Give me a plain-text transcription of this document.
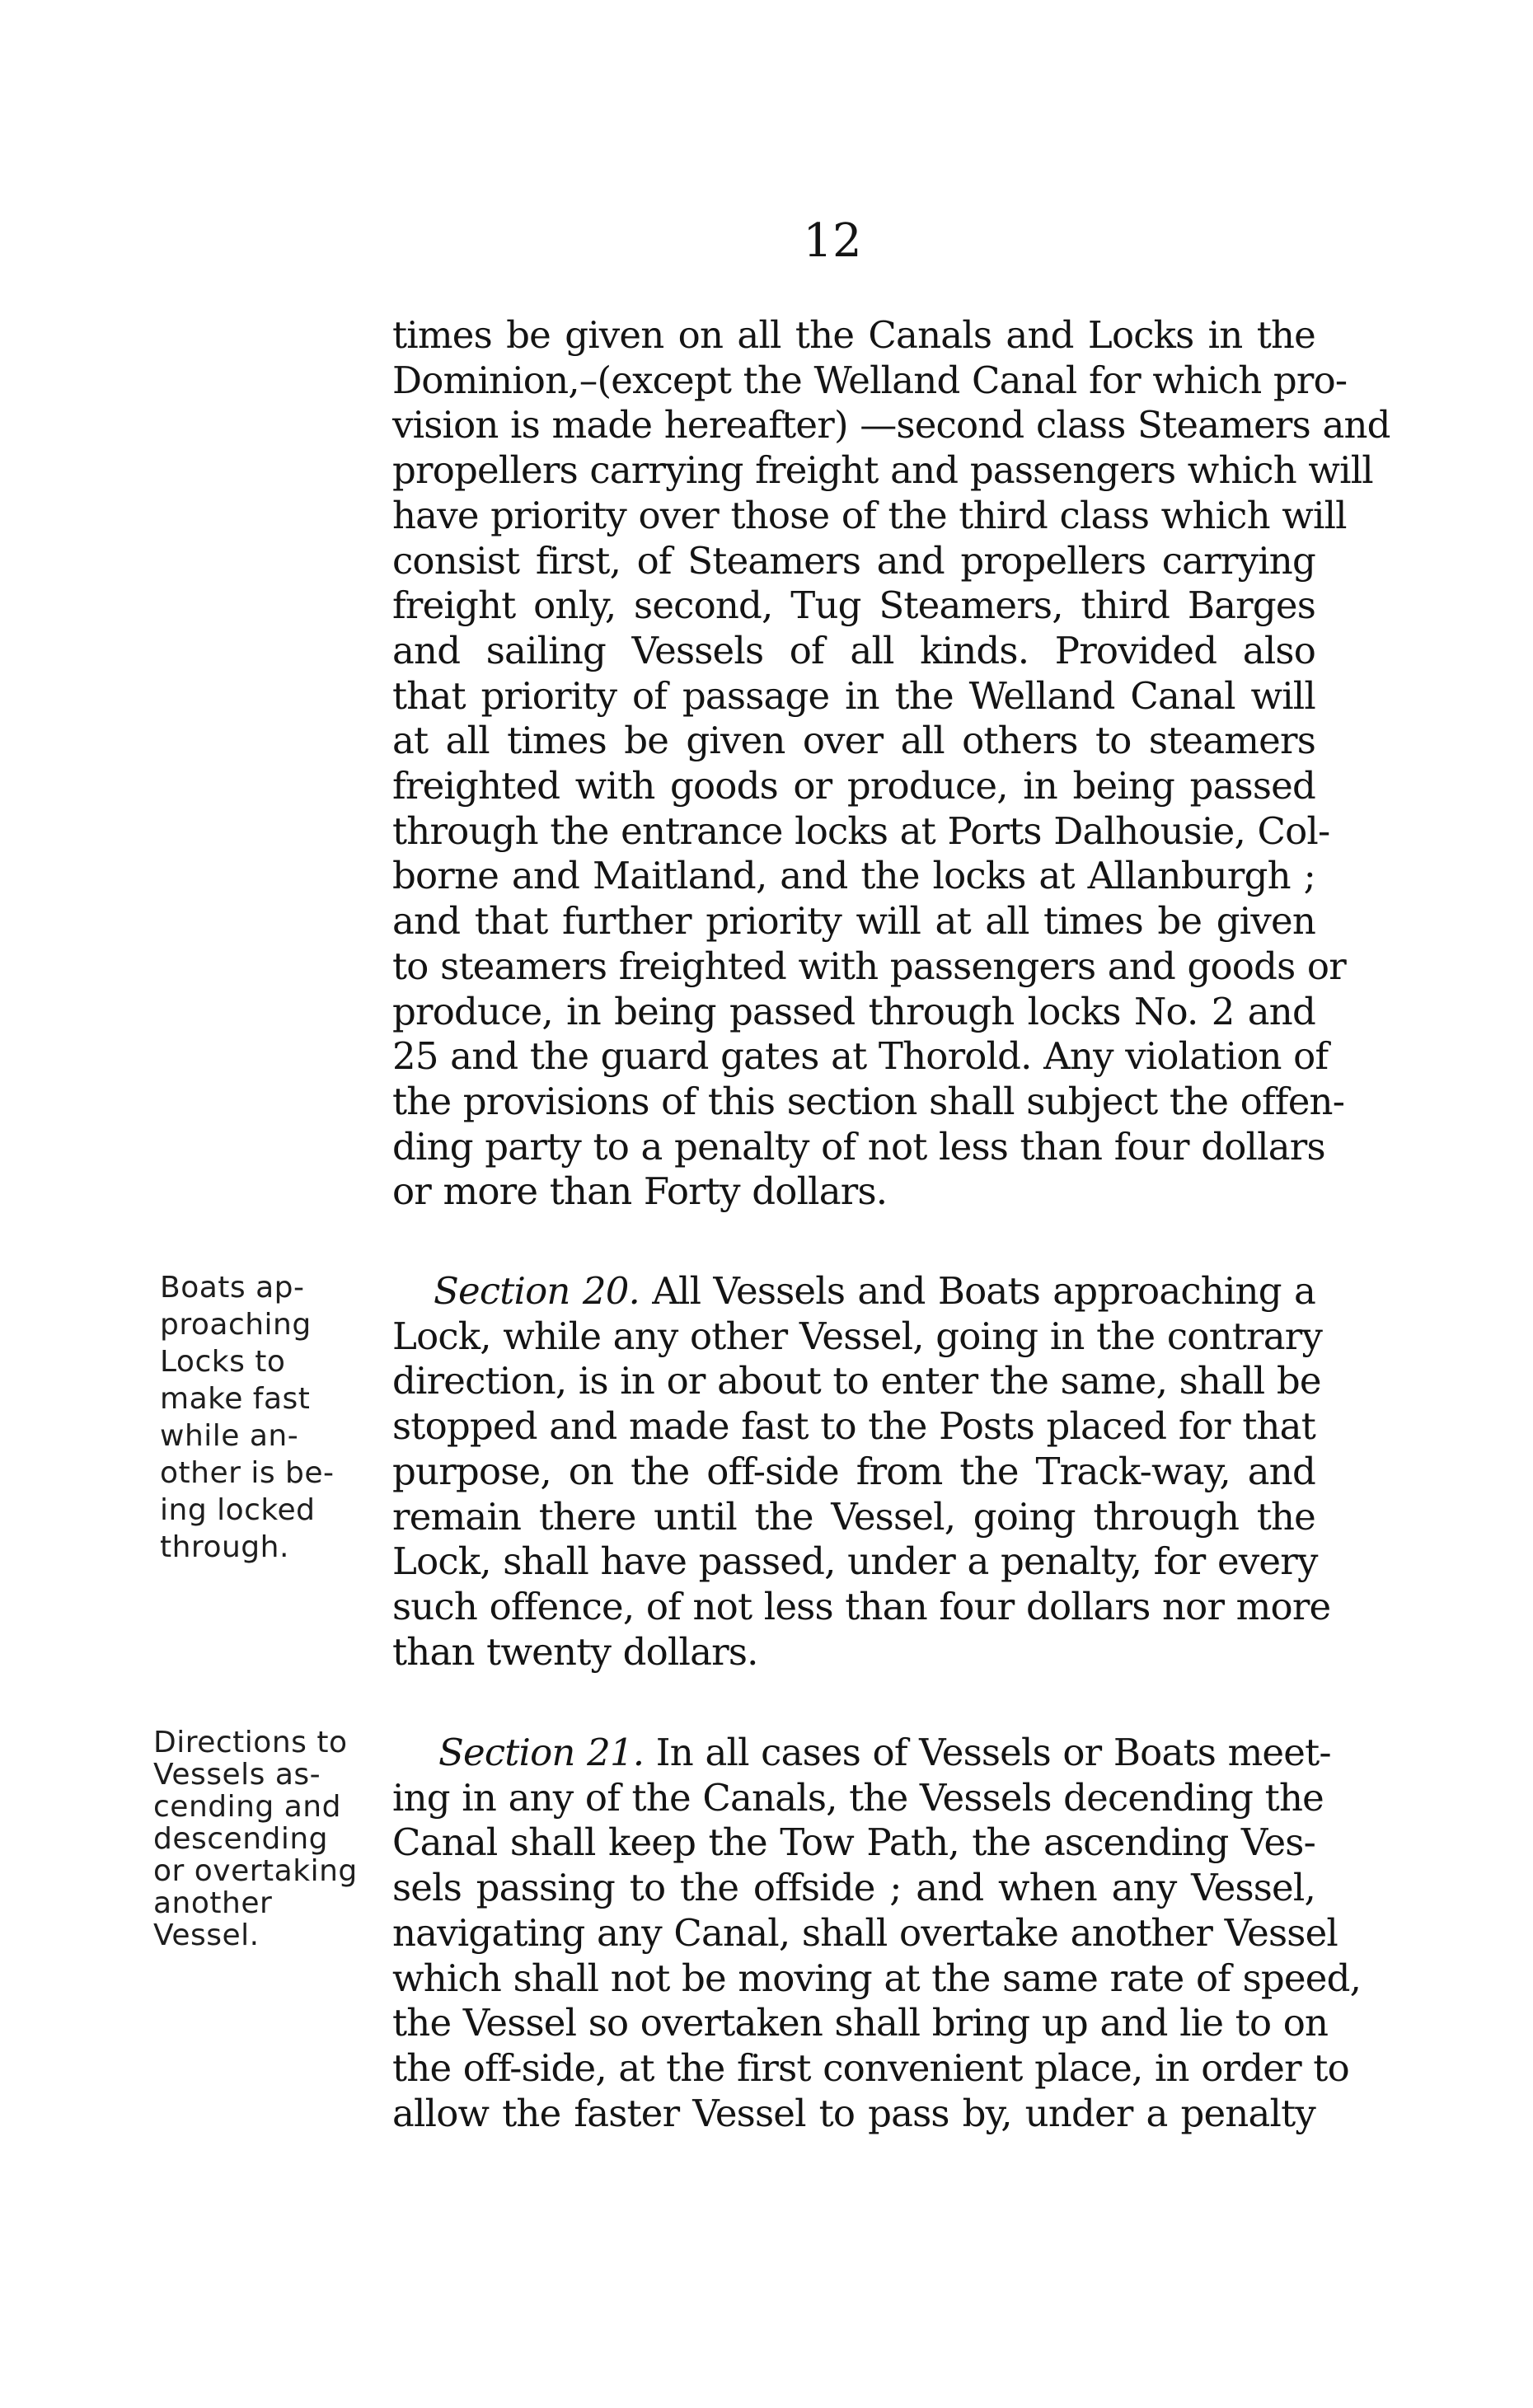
12
times be given on all the Canals and Locks in the
Dominion,–(except the Welland Canal for which pro-
vision is made hereafter) —second class Steamers and
propellers carrying freight and passengers which will
have priority over those of the third class which will
consist first, of Steamers and propellers carrying
freight only, second, Tug Steamers, third Barges
and sailing Vessels of all kinds. Provided also
that priority of passage in the Welland Canal will
at all times be given over all others to steamers
freighted with goods or produce, in being passed
through the entrance locks at Ports Dalhousie, Col-
borne and Maitland, and the locks at Allanburgh ;
and that further priority will at all times be given
to steamers freighted with passengers and goods or
produce, in being passed through locks No. 2 and
25 and the guard gates at Thorold. Any violation of
the provisions of this section shall subject the offen-
ding party to a penalty of not less than four dollars
or more than Forty dollars.
Boats ap-
proaching
Locks to
make fast
while an-
other is be-
ing locked
through.
Section 20. All Vessels and Boats approaching a
Lock, while any other Vessel, going in the contrary
direction, is in or about to enter the same, shall be
stopped and made fast to the Posts placed for that
purpose, on the off-side from the Track-way, and
remain there until the Vessel, going through the
Lock, shall have passed, under a penalty, for every
such offence, of not less than four dollars nor more
than twenty dollars.
Directions to
Vessels as-
cending and
descending
or overtaking
another
Vessel.
Section 21. In all cases of Vessels or Boats meet-
ing in any of the Canals, the Vessels decending the
Canal shall keep the Tow Path, the ascending Ves-
sels passing to the offside ; and when any Vessel,
navigating any Canal, shall overtake another Vessel
which shall not be moving at the same rate of speed,
the Vessel so overtaken shall bring up and lie to on
the off-side, at the first convenient place, in order to
allow the faster Vessel to pass by, under a penalty
